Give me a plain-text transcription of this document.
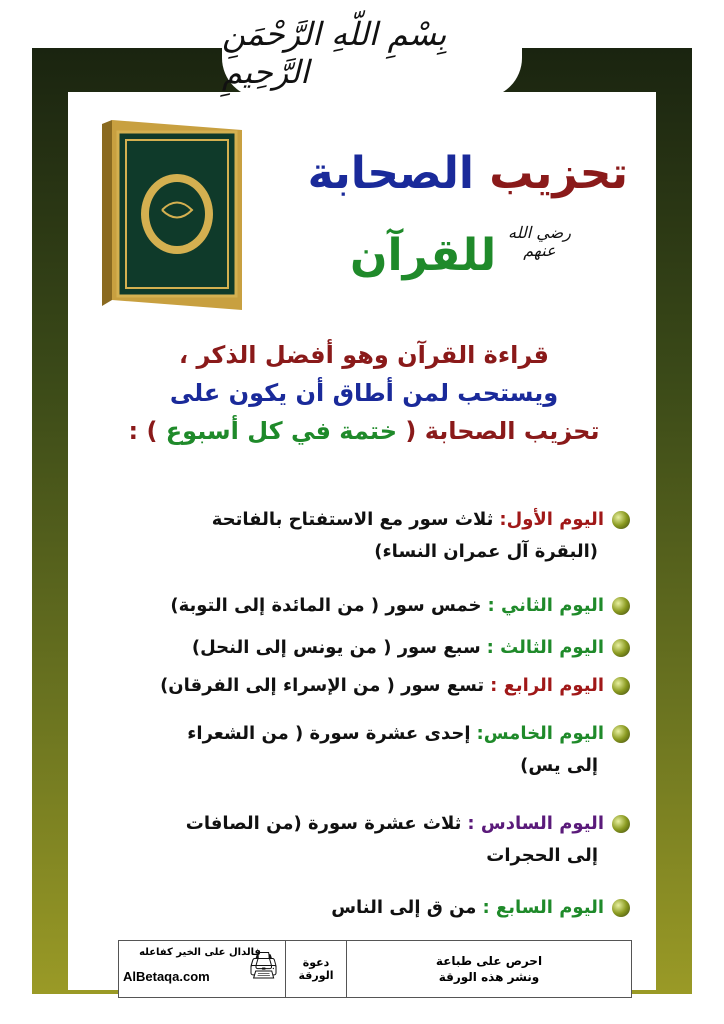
بِسْمِ اللّهِ الرَّحْمَنِ الرَّحِيمِ
تحزيب الصحابة
للقرآن رضي الله
عنهم
قراءة القرآن وهو أفضل الذكر ،
ويستحب لمن أطاق أن يكون على
تحزيب الصحابة ( ختمة في كل أسبوع ) :
اليوم الأول:ثلاث سور مع الاستفتاح بالفاتحة
(البقرة آل عمران النساء)
اليوم الثاني :خمس سور ( من المائدة إلى التوبة)
اليوم الثالث :سبع سور ( من يونس إلى النحل)
اليوم الرابع :تسع سور ( من الإسراء إلى الفرقان)
اليوم الخامس:إحدى عشرة سورة ( من الشعراء
إلى يس)
اليوم السادس :ثلاث عشرة سورة (من الصافات
إلى الحجرات
اليوم السابع :من ق إلى الناس
فالدال على الخير كفاعله
AlBetaqa.com 🖨	دعوة الورقة
احرص على طباعة
ونشر هذه الورقة
